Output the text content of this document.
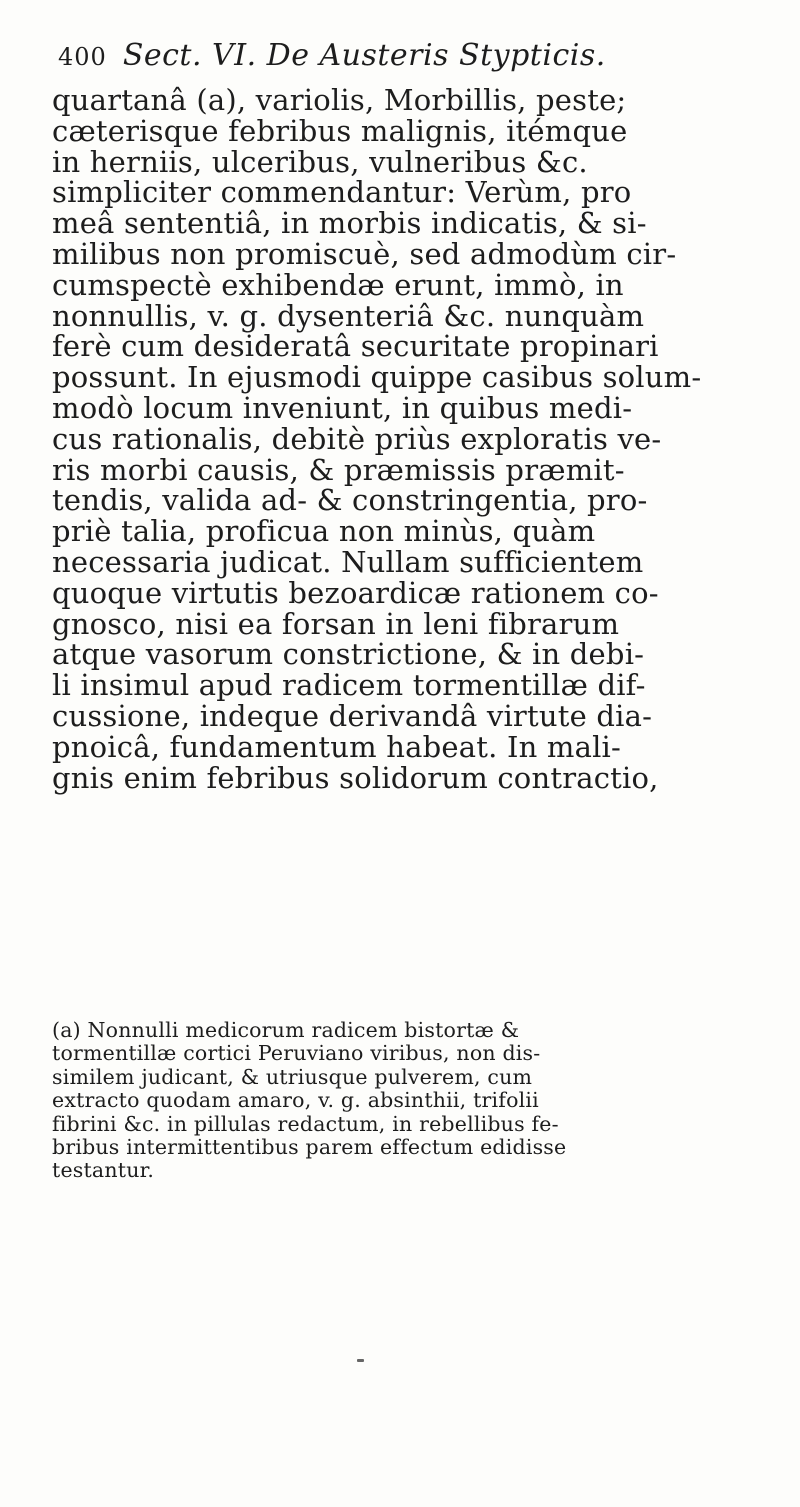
400 Sect. VI. De Austeris Stypticis.
quartanâ (a), variolis, Morbillis, peste;
cæterisque febribus malignis, itémque
in herniis, ulceribus, vulneribus &c.
simpliciter commendantur: Verùm, pro
meâ sententiâ, in morbis indicatis, & si-
milibus non promiscuè, sed admodùm cir-
cumspectè exhibendæ erunt, immò, in
nonnullis, v. g. dysenteriâ &c. nunquàm
ferè cum desideratâ securitate propinari
possunt. In ejusmodi quippe casibus solum-
modò locum inveniunt, in quibus medi-
cus rationalis, debitè priùs exploratis ve-
ris morbi causis, & præmissis præmit-
tendis, valida ad- & constringentia, pro-
priè talia, proficua non minùs, quàm
necessaria judicat. Nullam sufficientem
quoque virtutis bezoardicæ rationem co-
gnosco, nisi ea forsan in leni fibrarum
atque vasorum constrictione, & in debi-
li insimul apud radicem tormentillæ dif-
cussione, indeque derivandâ virtute dia-
pnoicâ, fundamentum habeat. In mali-
gnis enim febribus solidorum contractio,
(a) Nonnulli medicorum radicem bistortæ &
tormentillæ cortici Peruviano viribus, non dis-
similem judicant, & utriusque pulverem, cum
extracto quodam amaro, v. g. absinthii, trifolii
fibrini &c. in pillulas redactum, in rebellibus fe-
bribus intermittentibus parem effectum edidisse
testantur.
